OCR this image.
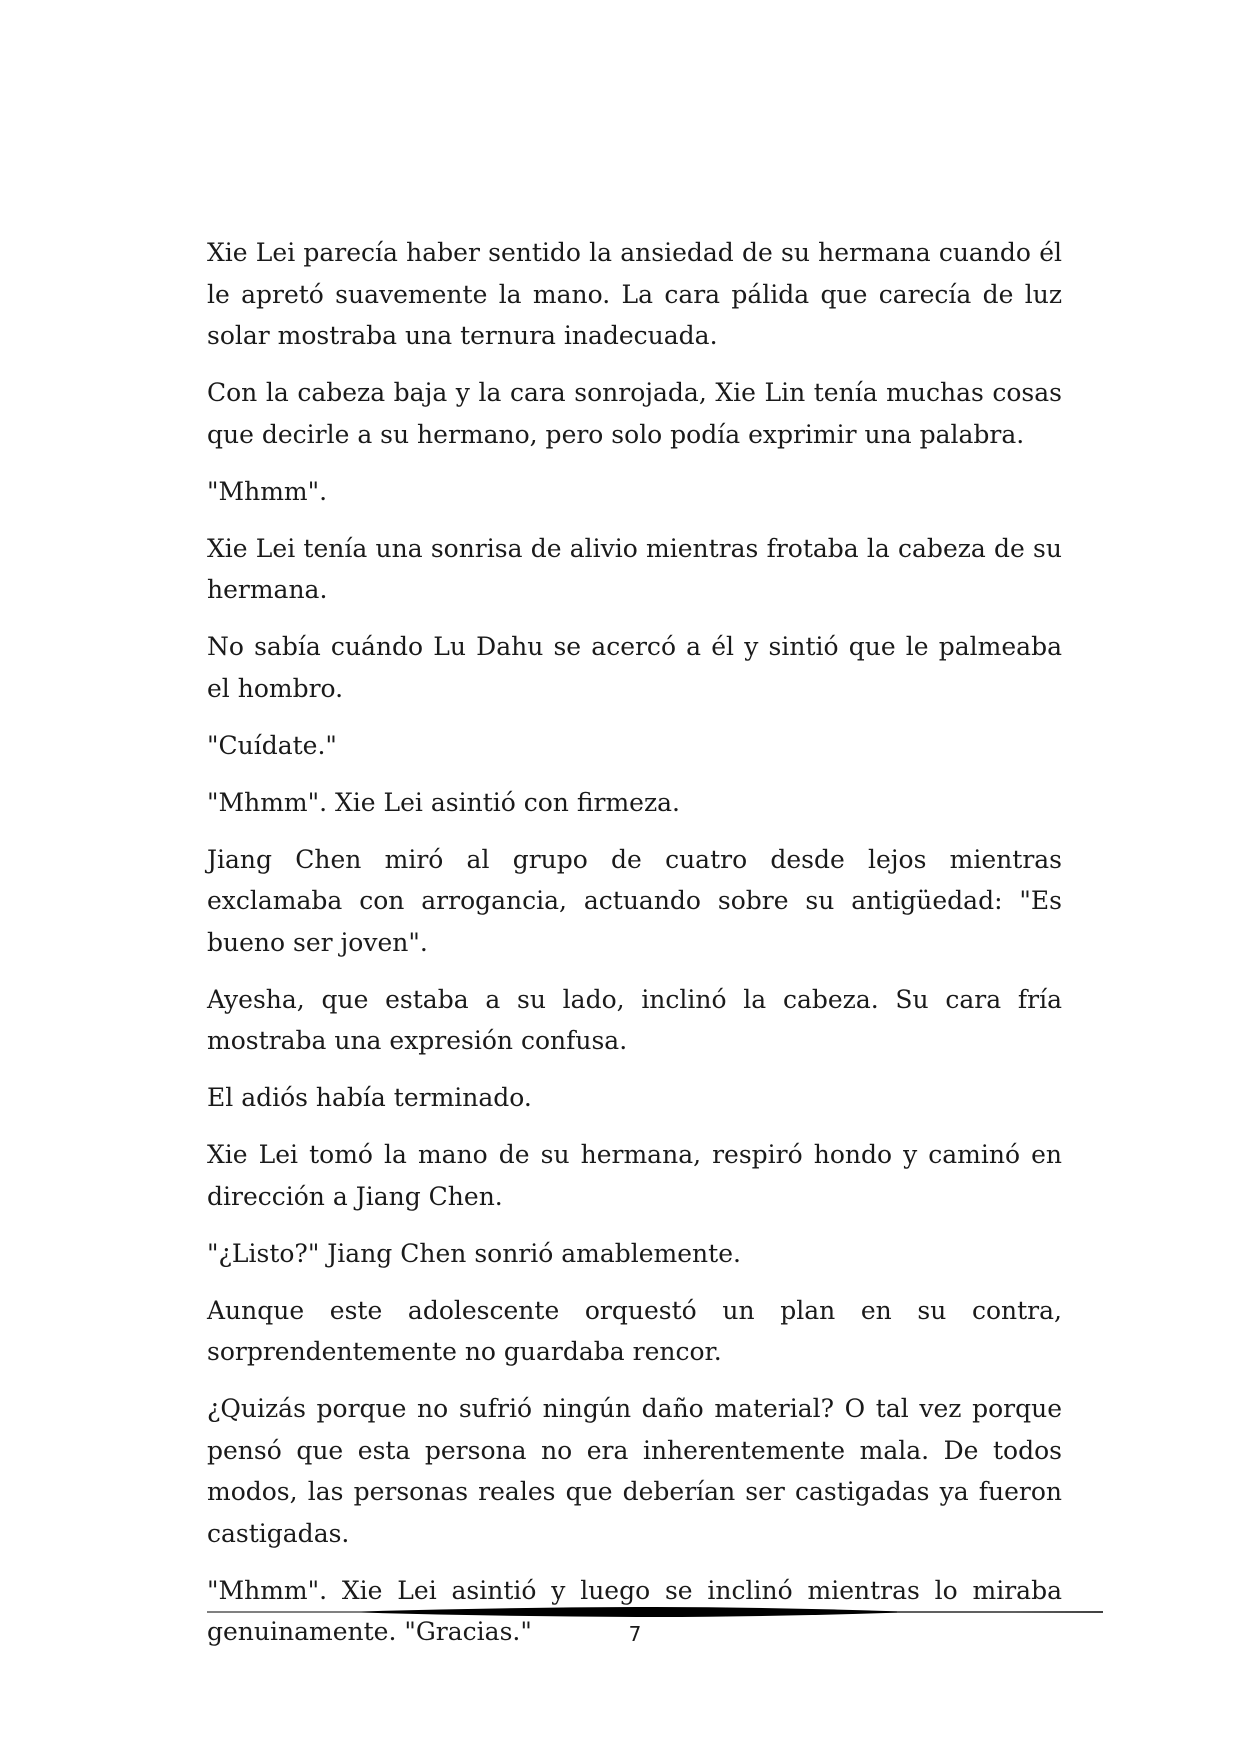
Xie Lei parecía haber sentido la ansiedad de su hermana cuando él le apretó suavemente la mano. La cara pálida que carecía de luz solar mostraba una ternura inadecuada.

Con la cabeza baja y la cara sonrojada, Xie Lin tenía muchas cosas que decirle a su hermano, pero solo podía exprimir una palabra.

"Mhmm".

Xie Lei tenía una sonrisa de alivio mientras frotaba la cabeza de su hermana.

No sabía cuándo Lu Dahu se acercó a él y sintió que le palmeaba el hombro.

"Cuídate."

"Mhmm". Xie Lei asintió con firmeza.

Jiang Chen miró al grupo de cuatro desde lejos mientras exclamaba con arrogancia, actuando sobre su antigüedad: "Es bueno ser joven".

Ayesha, que estaba a su lado, inclinó la cabeza. Su cara fría mostraba una expresión confusa.

El adiós había terminado.

Xie Lei tomó la mano de su hermana, respiró hondo y caminó en dirección a Jiang Chen.

"¿Listo?" Jiang Chen sonrió amablemente.

Aunque este adolescente orquestó un plan en su contra, sorprendentemente no guardaba rencor.

¿Quizás porque no sufrió ningún daño material? O tal vez porque pensó que esta persona no era inherentemente mala. De todos modos, las personas reales que deberían ser castigadas ya fueron castigadas.

"Mhmm". Xie Lei asintió y luego se inclinó mientras lo miraba genuinamente. "Gracias."	7
